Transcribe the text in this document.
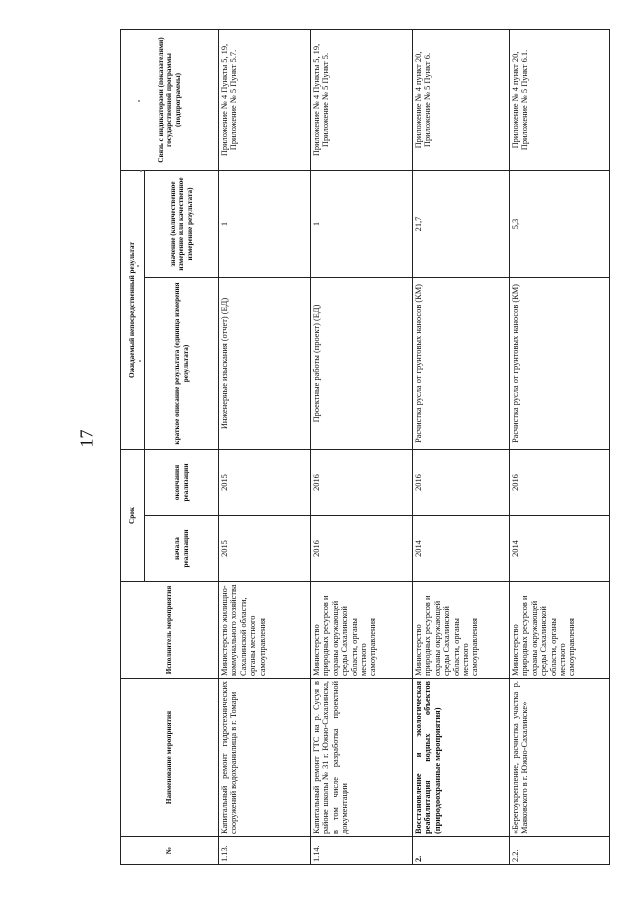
17
№	Наименование мероприятия	Исполнитель мероприятия	Срок		Ожидаемый непосредственный результат		Связь с индикаторами (показателями) государственной программы (подпрограммы)
			начала реализации	окончания реализации	краткое описание результата (единица измерения результата)	значение (количественное измерение или качественное измерение результата)	
1.13.	Капитальный ремонт гидротехнических сооружений водохранилища в г. Томари	Министерство жилищно-коммунального хозяйства Сахалинской области, органы местного самоуправления	2015	2015	Инженерные изыскания (отчет) (ЕД)	1	Приложение № 4 Пункты 5, 19, Приложение № 5 Пункт 5.7.
1.14.	Капитальный ремонт ГТС на р. Сусуя в районе школы № 31 г. Южно-Сахалинска, в том числе разработка проектной документации	Министерство природных ресурсов и охраны окружающей среды Сахалинской области, органы местного самоуправления	2016	2016	Проектные работы (проект) (ЕД)	1	Приложение № 4 Пункты 5, 19, Приложение № 5 Пункт 5.
2.	Восстановление и экологическая реабилитация водных объектов (природоохранные мероприятия)	Министерство природных ресурсов и охраны окружающей среды Сахалинской области, органы местного самоуправления	2014	2016	Расчистка русла от грунтовых наносов (КМ)	21,7	Приложение № 4 пункт 20, Приложение № 5 Пункт 6.
2.2.	«Берегоукрепление, расчистка участка р. Маяковского в г. Южно-Сахалинске»	Министерство природных ресурсов и охраны окружающей среды Сахалинской области, органы местного самоуправления	2014	2016	Расчистка русла от грунтовых наносов (КМ)	5,3	Приложение № 4 пункт 20, Приложение № 5 Пункт 6.1.
